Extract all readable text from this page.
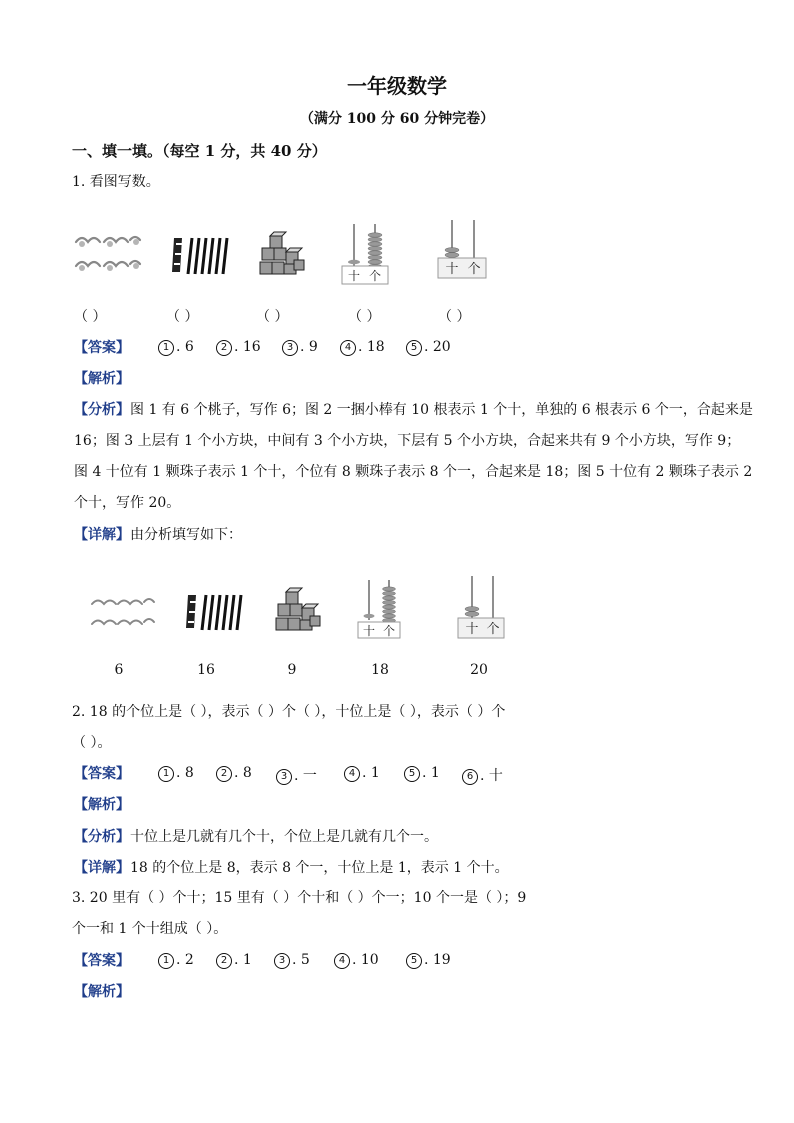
一年级数学
（满分 100 分 60 分钟完卷）
一、填一填。（每空 1 分，共 40 分）
1. 看图写数。
十 个	十 个
（ ）	（ ）	（ ）	（ ）	（ ）
【答案】	1 . 6	2 . 16	3 . 9	4 . 18	5 . 20
【解析】
【分析】图 1 有 6 个桃子，写作 6；图 2 一捆小棒有 10 根表示 1 个十，单独的 6 根表示 6 个一，合起来是
16；图 3 上层有 1 个小方块，中间有 3 个小方块，下层有 5 个小方块，合起来共有 9 个小方块，写作 9；
图 4 十位有 1 颗珠子表示 1 个十，个位有 8 颗珠子表示 8 个一，合起来是 18；图 5 十位有 2 颗珠子表示 2
个十，写作 20。
【详解】由分析填写如下：
十 个	十 个
6	16	9	18	20
2. 18 的个位上是（ ），表示（ ）个（ ），十位上是（ ），表示（ ）个
（ ）。
【答案】	1 . 8	2 . 8	3 . 一	4 . 1	5 . 1	6 . 十
【解析】
【分析】十位上是几就有几个十，个位上是几就有几个一。
【详解】18 的个位上是 8，表示 8 个一，十位上是 1，表示 1 个十。
3. 20 里有（ ）个十；15 里有（ ）个十和（ ）个一；10 个一是（ ）；9
个一和 1 个十组成（ ）。
【答案】	1 . 2	2 . 1	3 . 5	4 . 10	5 . 19
【解析】
